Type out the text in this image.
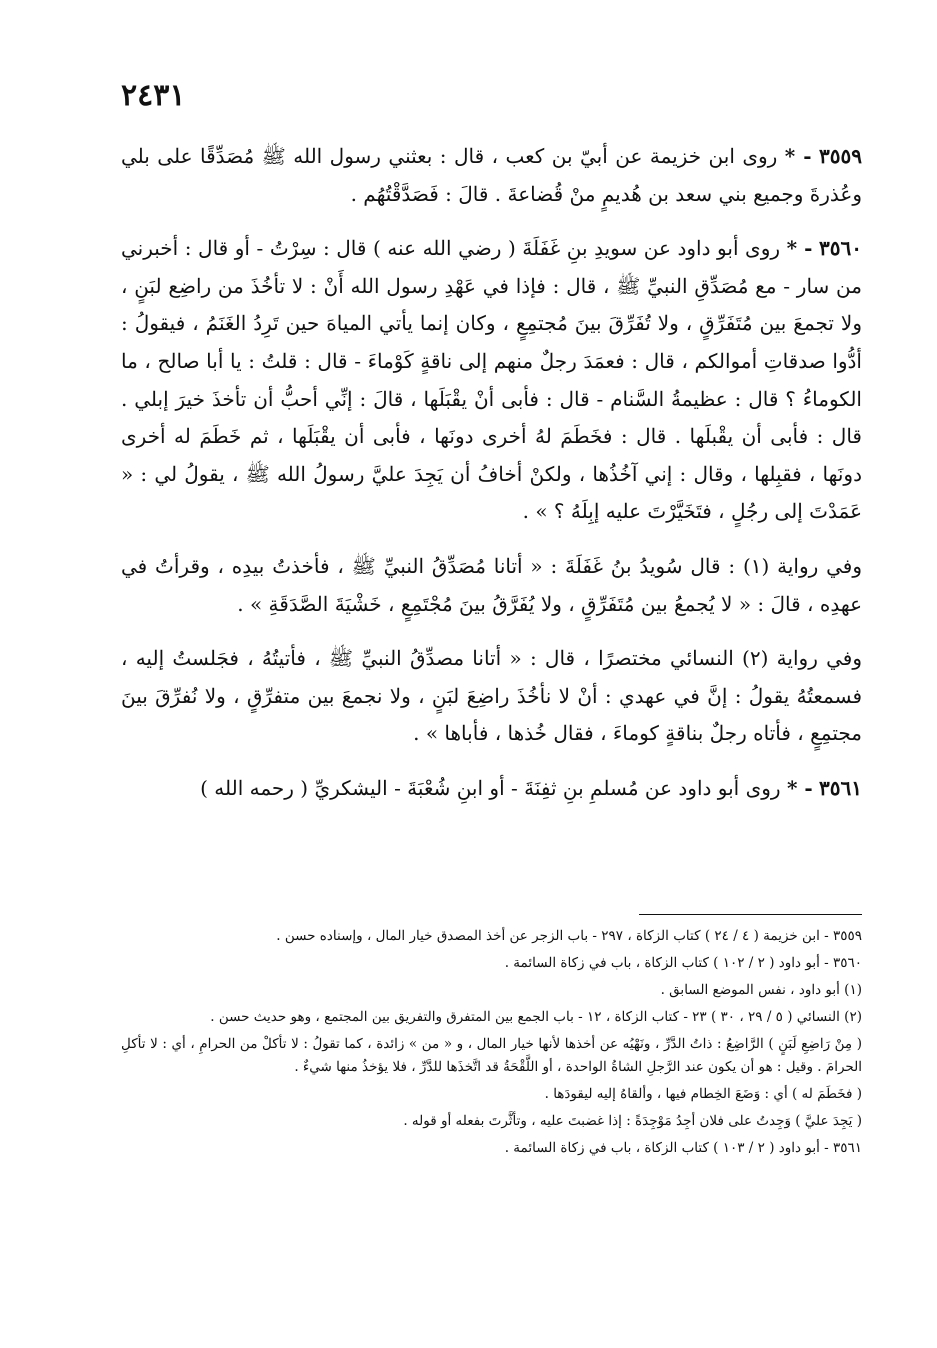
٢٤٣١

٣٥٥٩ - * روى ابن خزيمة عن أبيّ بن كعب ، قال : بعثني رسول الله ﷺ مُصَدِّقًا على بلي وعُذرةَ وجميع بني سعد بن هُديمٍ منْ قُضاعةَ . قالَ : فَصَدَّقْتُهُم .

٣٥٦٠ - * روى أبو داود عن سويدِ بنِ غَفَلَةَ ( رضي الله عنه ) قال : سِرْتُ - أو قال : أخبرني من سار - مع مُصَدِّقِ النبيِّ ﷺ ، قال : فإذا في عَهْدِ رسول الله أَنْ : لا تأخُذَ من راضِع لبَنٍ ، ولا تجمعَ بين مُتَفَرِّقٍ ، ولا تُفَرِّقَ بينَ مُجتمِعٍ ، وكان إنما يأتي المياهَ حين تَرِدُ الغَنَمُ ، فيقولُ : أدُّوا صدقاتِ أموالكم ، قال : فعمَدَ رجلٌ منهم إلى ناقةٍ كَوْماءَ - قال : قلتُ : يا أبا صالح ، ما الكوماءُ ؟ قال : عظيمةُ السَّنام - قال : فأبى أنْ يقْبَلَها ، قالَ : إنِّي أحبُّ أن تأخذَ خيرَ إبلي . قال : فأبى أن يقْبلَها . قال : فخَطَمَ لهُ أخرى دونَها ، فأبى أن يقْبَلَها ، ثم خَطَمَ له أخرى دونَها ، فقبِلها ، وقال : إني آخُذُها ، ولكنْ أخافُ أن يَجِدَ عليَّ رسولُ الله ﷺ ، يقولُ لي : « عَمَدْتَ إلى رجُلٍ ، فتَخَيَّرْتَ عليه إبِلَهُ ؟ » .

وفي رواية (١) : قال سُويدُ بنُ غَفَلَةَ : « أتانا مُصَدِّقُ النبيِّ ﷺ ، فأخذتُ بيدِه ، وقرأتُ في عهدِه ، قالَ : « لا يُجمعُ بين مُتَفَرِّقٍ ، ولا يُفَرَّقُ بينَ مُجْتَمِعٍ ، خَشْيَةَ الصَّدَقَةِ » .

وفي رواية (٢) النسائي مختصرًا ، قال : « أتانا مصدِّقُ النبيِّ ﷺ ، فأتيتُهُ ، فجَلستُ إليه ، فسمعتُهُ يقولُ : إنَّ في عهدي : أنْ لا نأخُذَ راضِعَ لبَنٍ ، ولا نجمعَ بين متفرِّقٍ ، ولا نُفرِّقَ بينَ مجتمِعٍ ، فأتاه رجلٌ بناقةٍ كوماءَ ، فقال خُذها ، فأباها » .

٣٥٦١ - * روى أبو داود عن مُسلمِ بنِ ثفِنَةَ - أو ابنِ شُعْبَةَ - اليشكريِّ ( رحمه الله )

٣٥٥٩ - ابن خزيمة ( ٤ / ٢٤ ) كتاب الزكاة ، ٢٩٧ - باب الزجر عن أخذ المصدق خيار المال ، وإسناده حسن .

٣٥٦٠ - أبو داود ( ٢ / ١٠٢ ) كتاب الزكاة ، باب في زكاة السائمة .

(١) أبو داود ، نفس الموضع السابق .

(٢) النسائي ( ٥ / ٢٩ ، ٣٠ ) ٢٣ - كتاب الزكاة ، ١٢ - باب الجمع بين المتفرق والتفريق بين المجتمع ، وهو حديث حسن .

( مِنْ رَاضِعِ لَبَنٍ ) الرَّاضِعُ : ذاتُ الدَّرِّ ، ونَهْيُه عن أخذها لأنها خيار المال ، و « من » زائدة ، كما تقولُ : لا تأكلْ من الحرامِ ، أي : لا تأكلِ الحرامَ . وقيل : هو أن يكون عند الرَّجلِ الشاةُ الواحدة ، أو اللَّقْحَةُ قد اتَّخذَها للدَّرِّ ، فلا يؤخذُ منها شيءٌ .

( فخَطَمَ له ) أي : وَضَعَ الخِطام فيها ، وألقاهُ إليه ليقودَها .

( يَجِدَ عليَّ ) وَجِدتُ على فلان أجِدُ مَوْجِدَةً : إذا غضبتَ عليه ، وتأثَّرتَ بفعله أو قوله .

٣٥٦١ - أبو داود ( ٢ / ١٠٣ ) كتاب الزكاة ، باب في زكاة السائمة .
